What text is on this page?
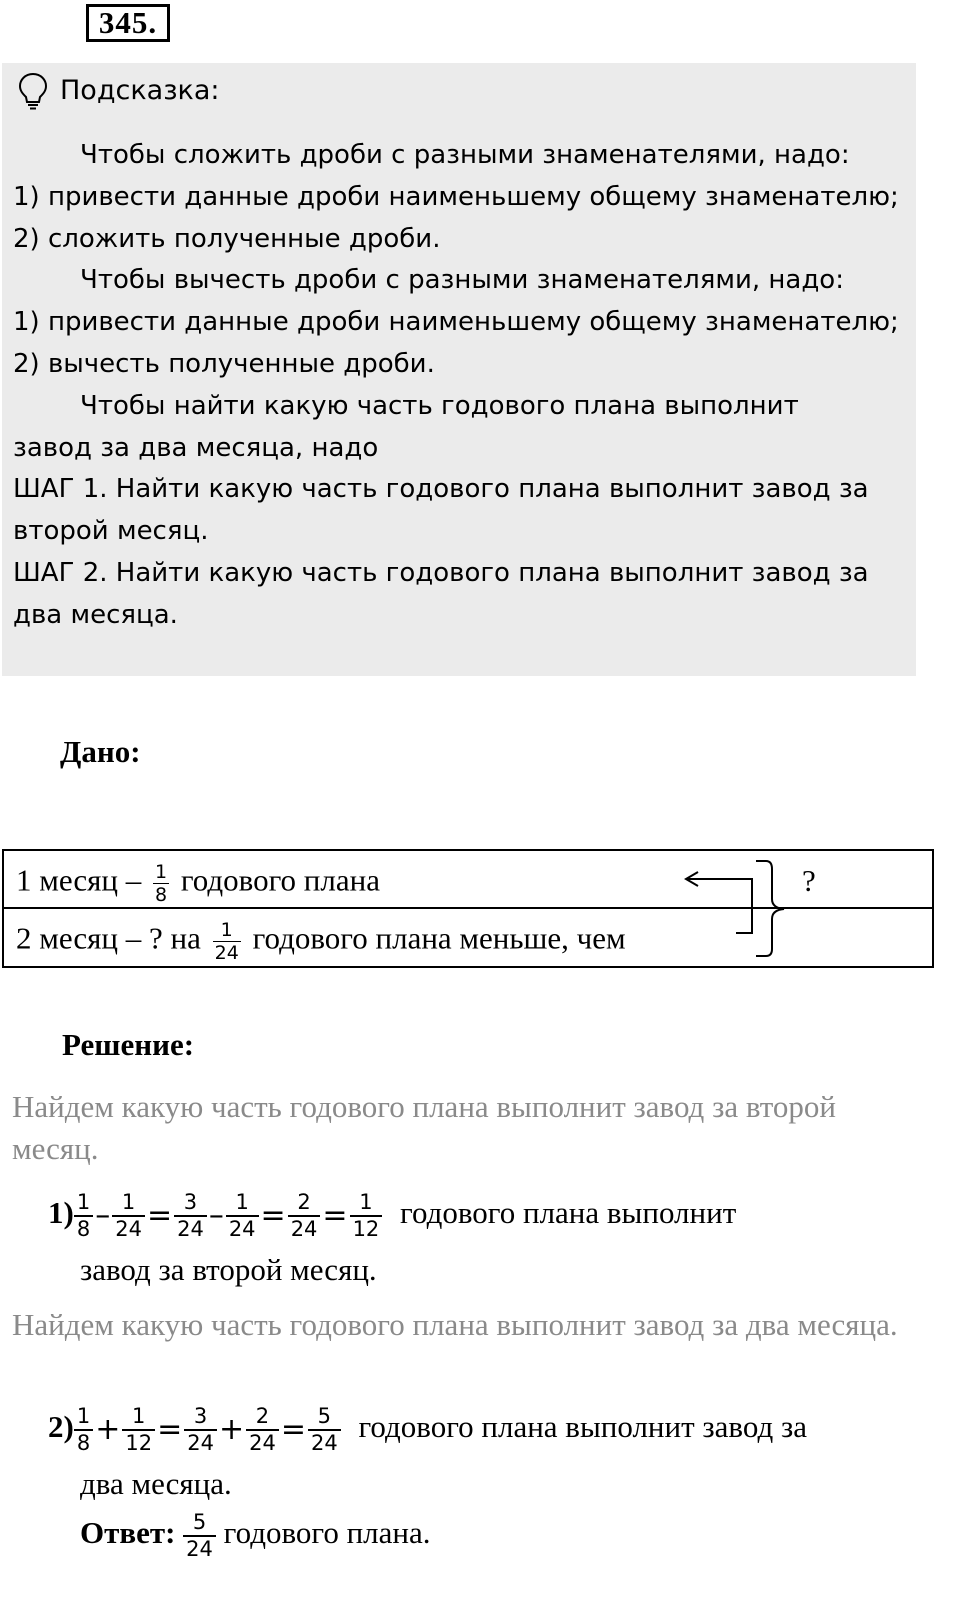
345.
Подсказка:

Чтобы сложить дроби с разными знаменателями, надо:

1) привести данные дроби наименьшему общему знаменателю; 2) сложить полученные дроби.

Чтобы вычесть дроби с разными знаменателями, надо:

1) привести данные дроби наименьшему общему знаменателю; 2) вычесть полученные дроби.

Чтобы найти какую часть годового плана выполнит

завод за два месяца, надо

ШАГ 1. Найти какую часть годового плана выполнит завод за второй месяц.

ШАГ 2. Найти какую часть годового плана выполнит завод за два месяца.

Дано:
1 месяц – $\frac{1}{8}$ годового плана
2 месяц – ? на $\frac{1}{24}$ годового плана меньше, чем
?
Решение:
Найдем какую часть годового плана выполнит завод за второй месяц.
$1) \frac{1}{8} - \frac{1}{24} = \frac{3}{24} - \frac{1}{24} = \frac{2}{24} = \frac{1}{12}$ годового плана выполнит
завод за второй месяц.
Найдем какую часть годового плана выполнит завод за два месяца.
$2) \frac{1}{8} + \frac{1}{12} = \frac{3}{24} + \frac{2}{24} = \frac{5}{24}$ годового плана выполнит завод за
два месяца.
Ответ: $\frac{5}{24}$ годового плана.
